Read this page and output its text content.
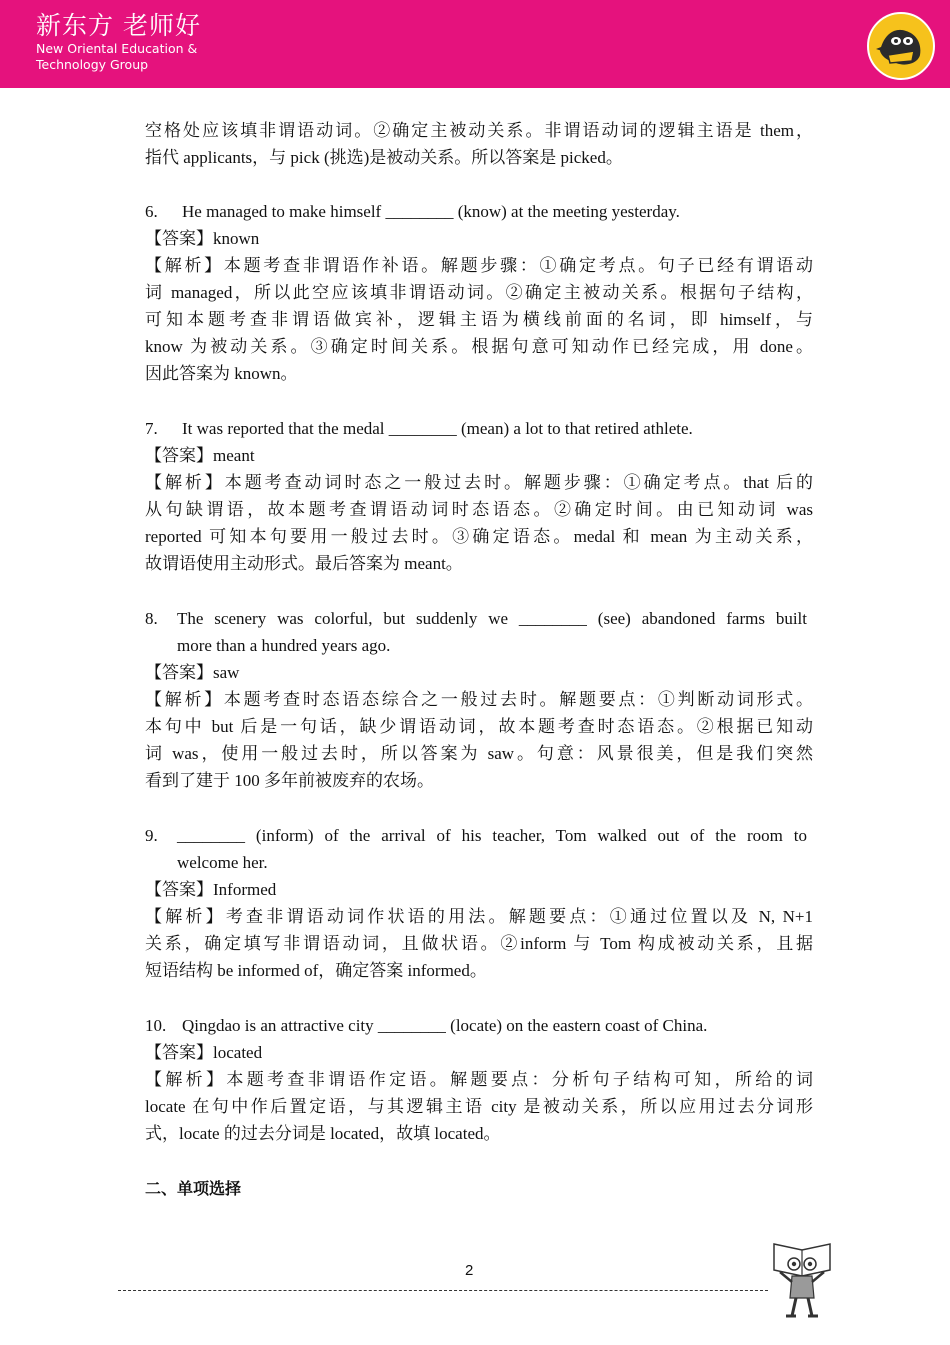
新东方 老师好
New Oriental Education &
Technology Group
空格处应该填非谓语动词。②确定主被动关系。非谓语动词的逻辑主语是 them，
指代 applicants，与 pick (挑选)是被动关系。所以答案是 picked。
6. He managed to make himself ________ (know) at the meeting yesterday.
【答案】known
【解析】本题考查非谓语作补语。解题步骤：①确定考点。句子已经有谓语动
词 managed，所以此空应该填非谓语动词。②确定主被动关系。根据句子结构，
可知本题考查非谓语做宾补，逻辑主语为横线前面的名词，即 himself，与
know 为被动关系。③确定时间关系。根据句意可知动作已经完成，用 done。
因此答案为 known。
7. It was reported that the medal ________ (mean) a lot to that retired athlete.
【答案】meant
【解析】本题考查动词时态之一般过去时。解题步骤：①确定考点。that 后的
从句缺谓语，故本题考查谓语动词时态语态。②确定时间。由已知动词 was
reported 可知本句要用一般过去时。③确定语态。medal 和 mean 为主动关系，
故谓语使用主动形式。最后答案为 meant。
8. The scenery was colorful, but suddenly we ________ (see) abandoned farms built
more than a hundred years ago.
【答案】saw
【解析】本题考查时态语态综合之一般过去时。解题要点：①判断动词形式。
本句中 but 后是一句话，缺少谓语动词，故本题考查时态语态。②根据已知动
词 was，使用一般过去时，所以答案为 saw。句意：风景很美，但是我们突然
看到了建于 100 多年前被废弃的农场。
9. ________ (inform) of the arrival of his teacher, Tom walked out of the room to
welcome her.
【答案】Informed
【解析】考查非谓语动词作状语的用法。解题要点：①通过位置以及 N, N+1
关系，确定填写非谓语动词，且做状语。②inform 与 Tom 构成被动关系，且据
短语结构 be informed of，确定答案 informed。
10. Qingdao is an attractive city ________ (locate) on the eastern coast of China.
【答案】located
【解析】本题考查非谓语作定语。解题要点：分析句子结构可知，所给的词
locate 在句中作后置定语，与其逻辑主语 city 是被动关系，所以应用过去分词形
式，locate 的过去分词是 located，故填 located。
二、单项选择
2
